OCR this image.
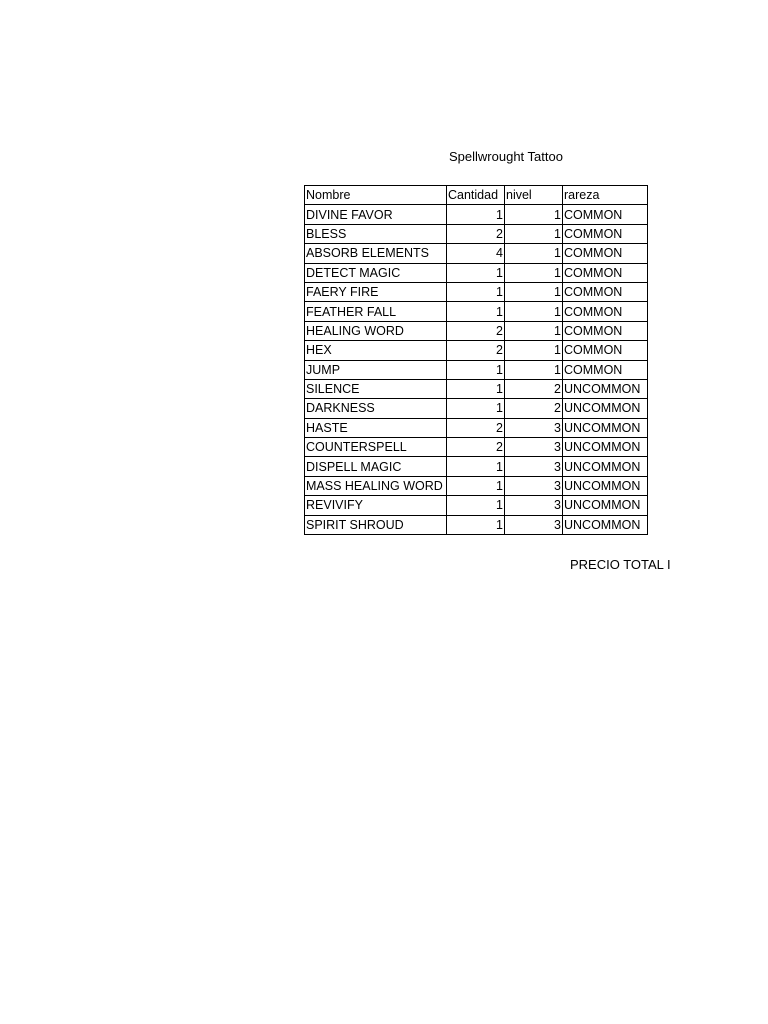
Spellwrought Tattoo
Nombre	Cantidad	nivel	rareza
DIVINE FAVOR	1	1	COMMON
BLESS	2	1	COMMON
ABSORB ELEMENTS	4	1	COMMON
DETECT MAGIC	1	1	COMMON
FAERY FIRE	1	1	COMMON
FEATHER FALL	1	1	COMMON
HEALING WORD	2	1	COMMON
HEX	2	1	COMMON
JUMP	1	1	COMMON
SILENCE	1	2	UNCOMMON
DARKNESS	1	2	UNCOMMON
HASTE	2	3	UNCOMMON
COUNTERSPELL	2	3	UNCOMMON
DISPELL MAGIC	1	3	UNCOMMON
MASS HEALING WORD	1	3	UNCOMMON
REVIVIFY	1	3	UNCOMMON
SPIRIT SHROUD	1	3	UNCOMMON
PRECIO TOTAL I
